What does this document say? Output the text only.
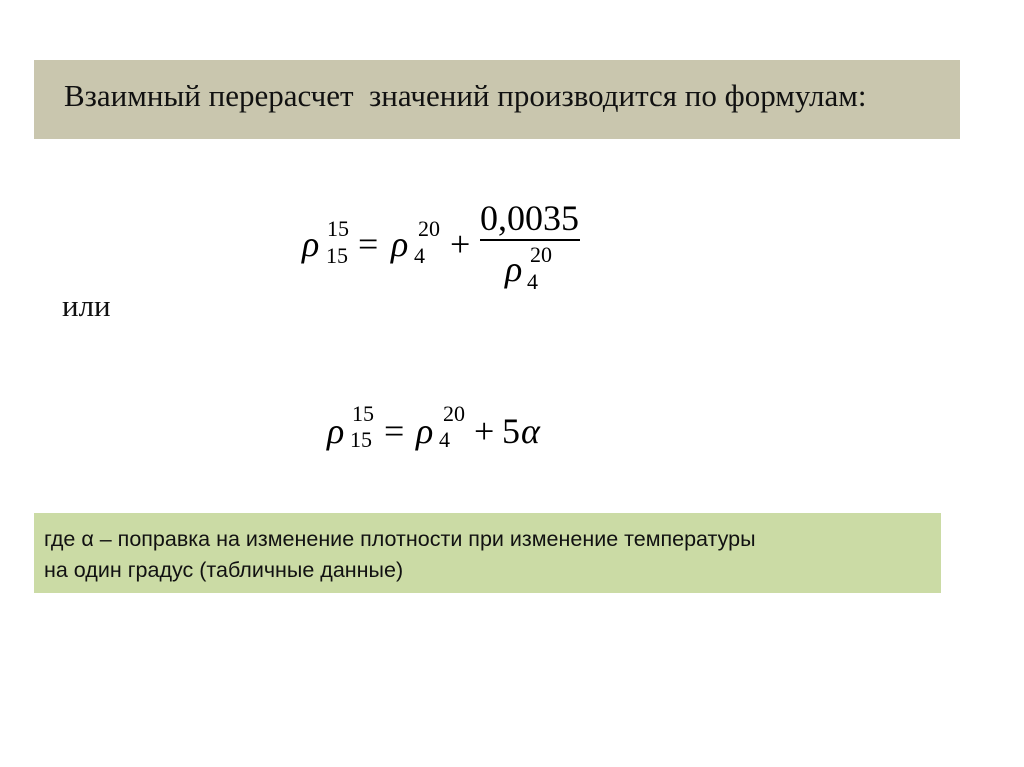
Взаимный перерасчет  значений производится по формулам:
ρ 15
15 = ρ 20
4 +
0,0035
ρ 20
4
или
ρ 15
15 = ρ 20
4 + 5 α
где α – поправка на изменение плотности при изменение температуры
на один градус (табличные данные)
